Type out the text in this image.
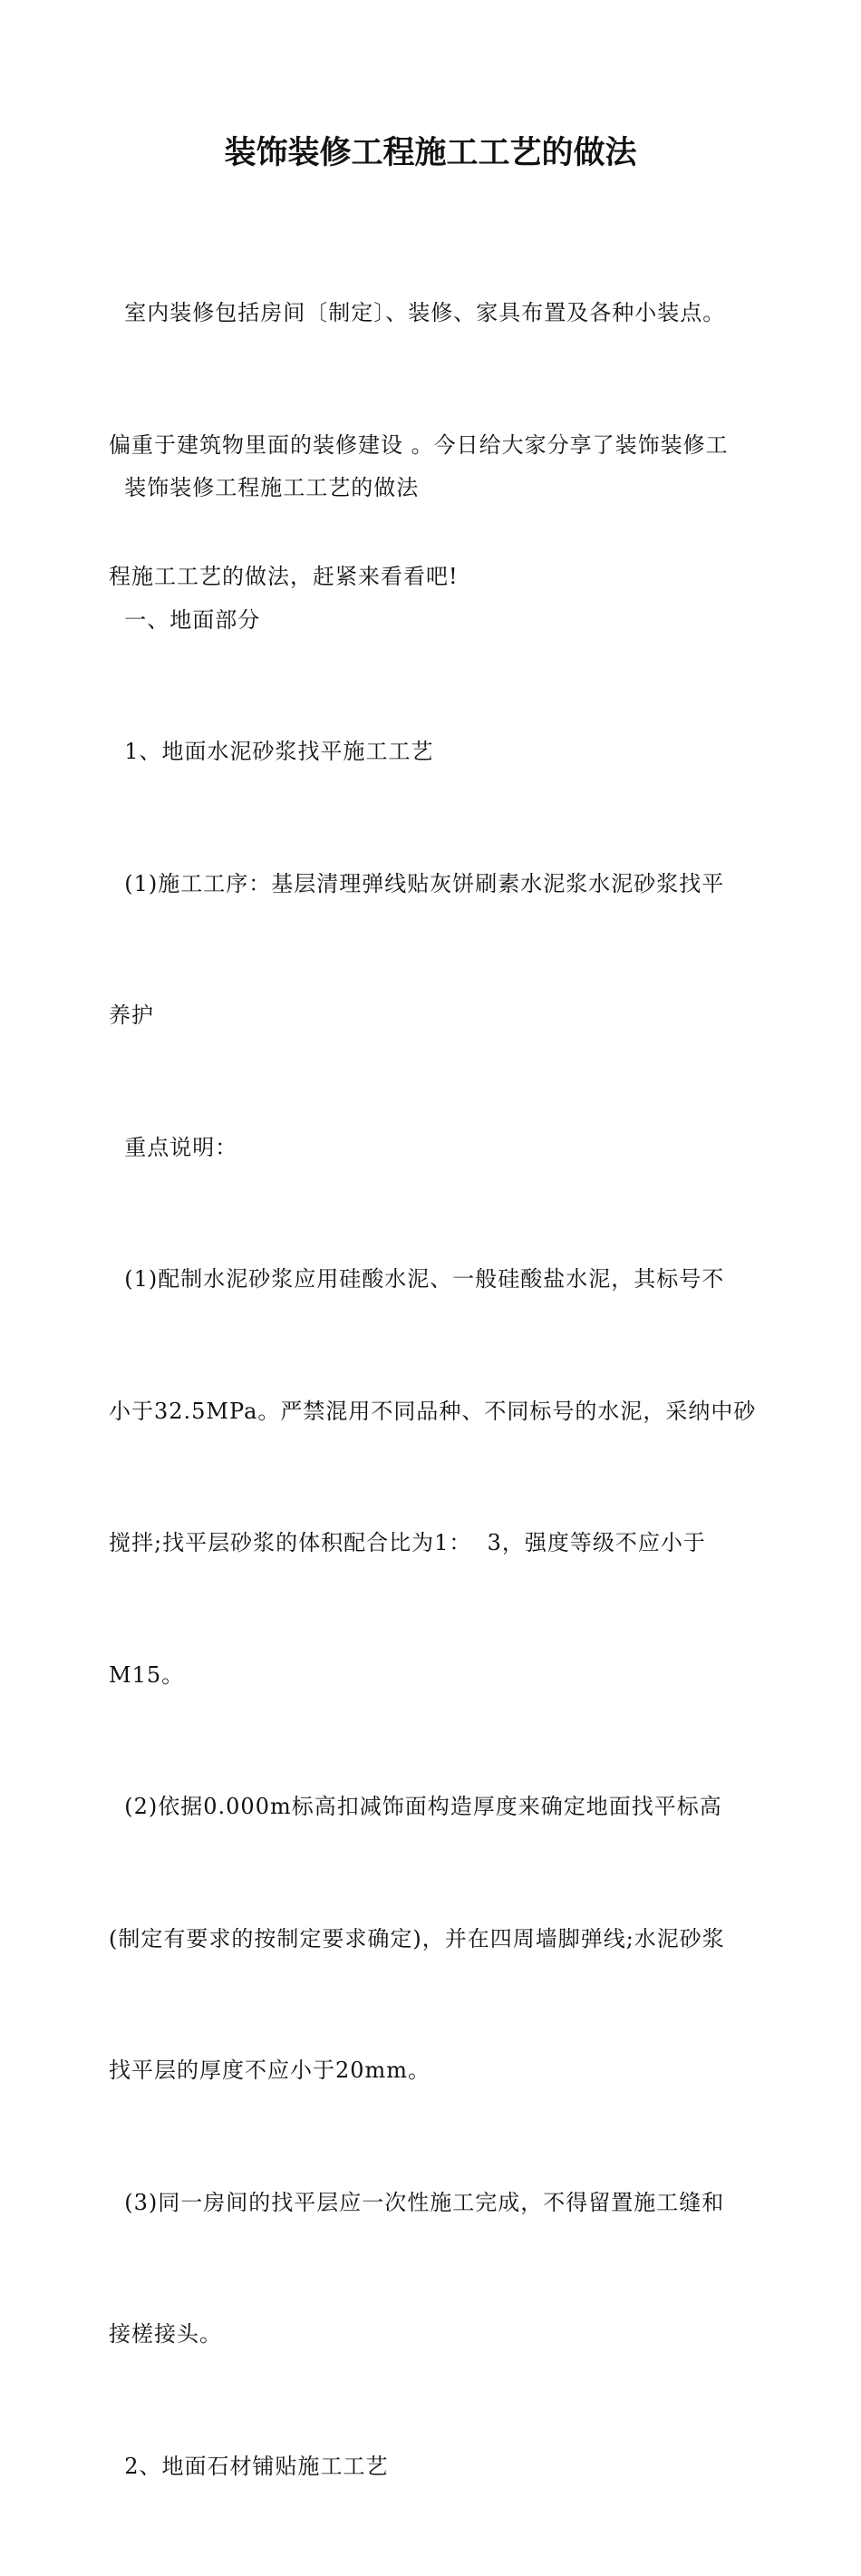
装饰装修工程施工工艺的做法

室内装修包括房间〔制定〕、装修、家具布置及各种小装点。

偏重于建筑物里面的装修建设 。今日给大家分享了装饰装修工

程施工工艺的做法，赶紧来看看吧!

装饰装修工程施工工艺的做法

一、地面部分

1、地面水泥砂浆找平施工工艺

(1)施工工序：基层清理弹线贴灰饼刷素水泥浆水泥砂浆找平

养护

重点说明：

(1)配制水泥砂浆应用硅酸水泥、一般硅酸盐水泥，其标号不

小于32.5MPa。严禁混用不同品种、不同标号的水泥，采纳中砂

搅拌;找平层砂浆的体积配合比为1：  3，强度等级不应小于

M15。

(2)依据0.000m标高扣减饰面构造厚度来确定地面找平标高

(制定有要求的按制定要求确定)，并在四周墙脚弹线;水泥砂浆

找平层的厚度不应小于20mm。

(3)同一房间的找平层应一次性施工完成，不得留置施工缝和

接槎接头。

2、地面石材铺贴施工工艺
